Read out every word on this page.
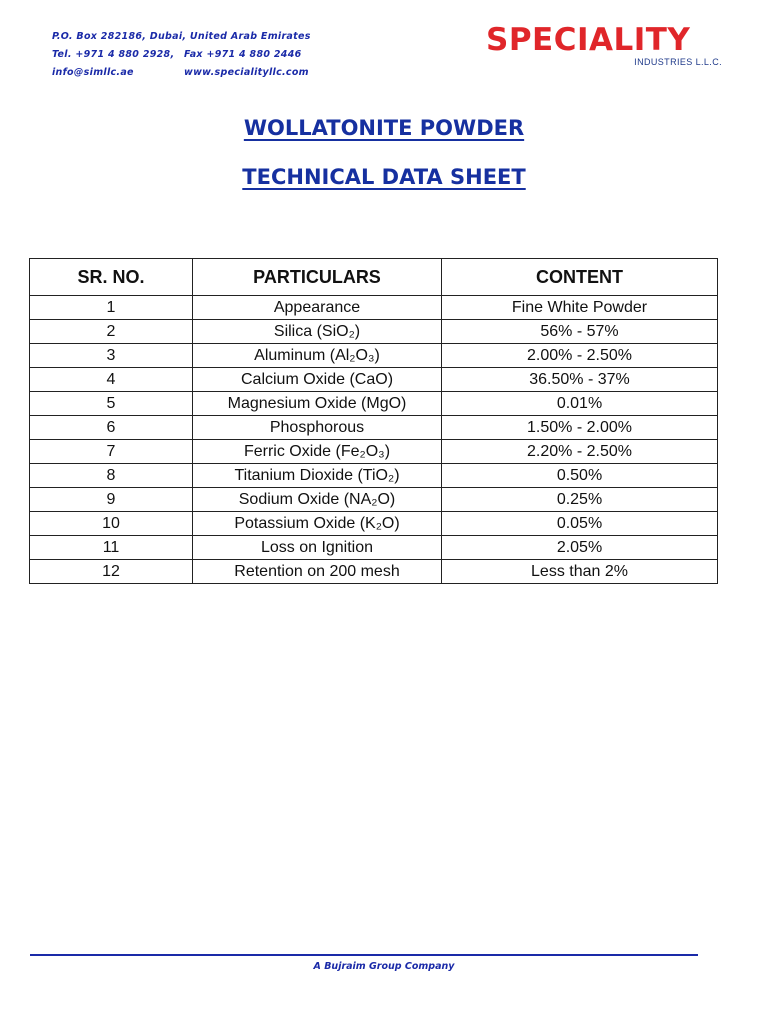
P.O. Box 282186, Dubai, United Arab Emirates
Tel. +971 4 880 2928,	Fax +971 4 880 2446
info@simllc.ae	www.specialityllc.com
SPECIALITY
INDUSTRIES L.L.C.
WOLLATONITE POWDER
TECHNICAL DATA SHEET
SR. NO.	PARTICULARS	CONTENT
1	Appearance	Fine White Powder
2	Silica (SiO₂)	56% - 57%
3	Aluminum (Al₂O₃)	2.00% - 2.50%
4	Calcium Oxide (CaO)	36.50% - 37%
5	Magnesium Oxide (MgO)	0.01%
6	Phosphorous	1.50% - 2.00%
7	Ferric Oxide (Fe₂O₃)	2.20% - 2.50%
8	Titanium Dioxide (TiO₂)	0.50%
9	Sodium Oxide (NA₂O)	0.25%
10	Potassium Oxide (K₂O)	0.05%
11	Loss on Ignition	2.05%
12	Retention on 200 mesh	Less than 2%
A Bujraim Group Company
